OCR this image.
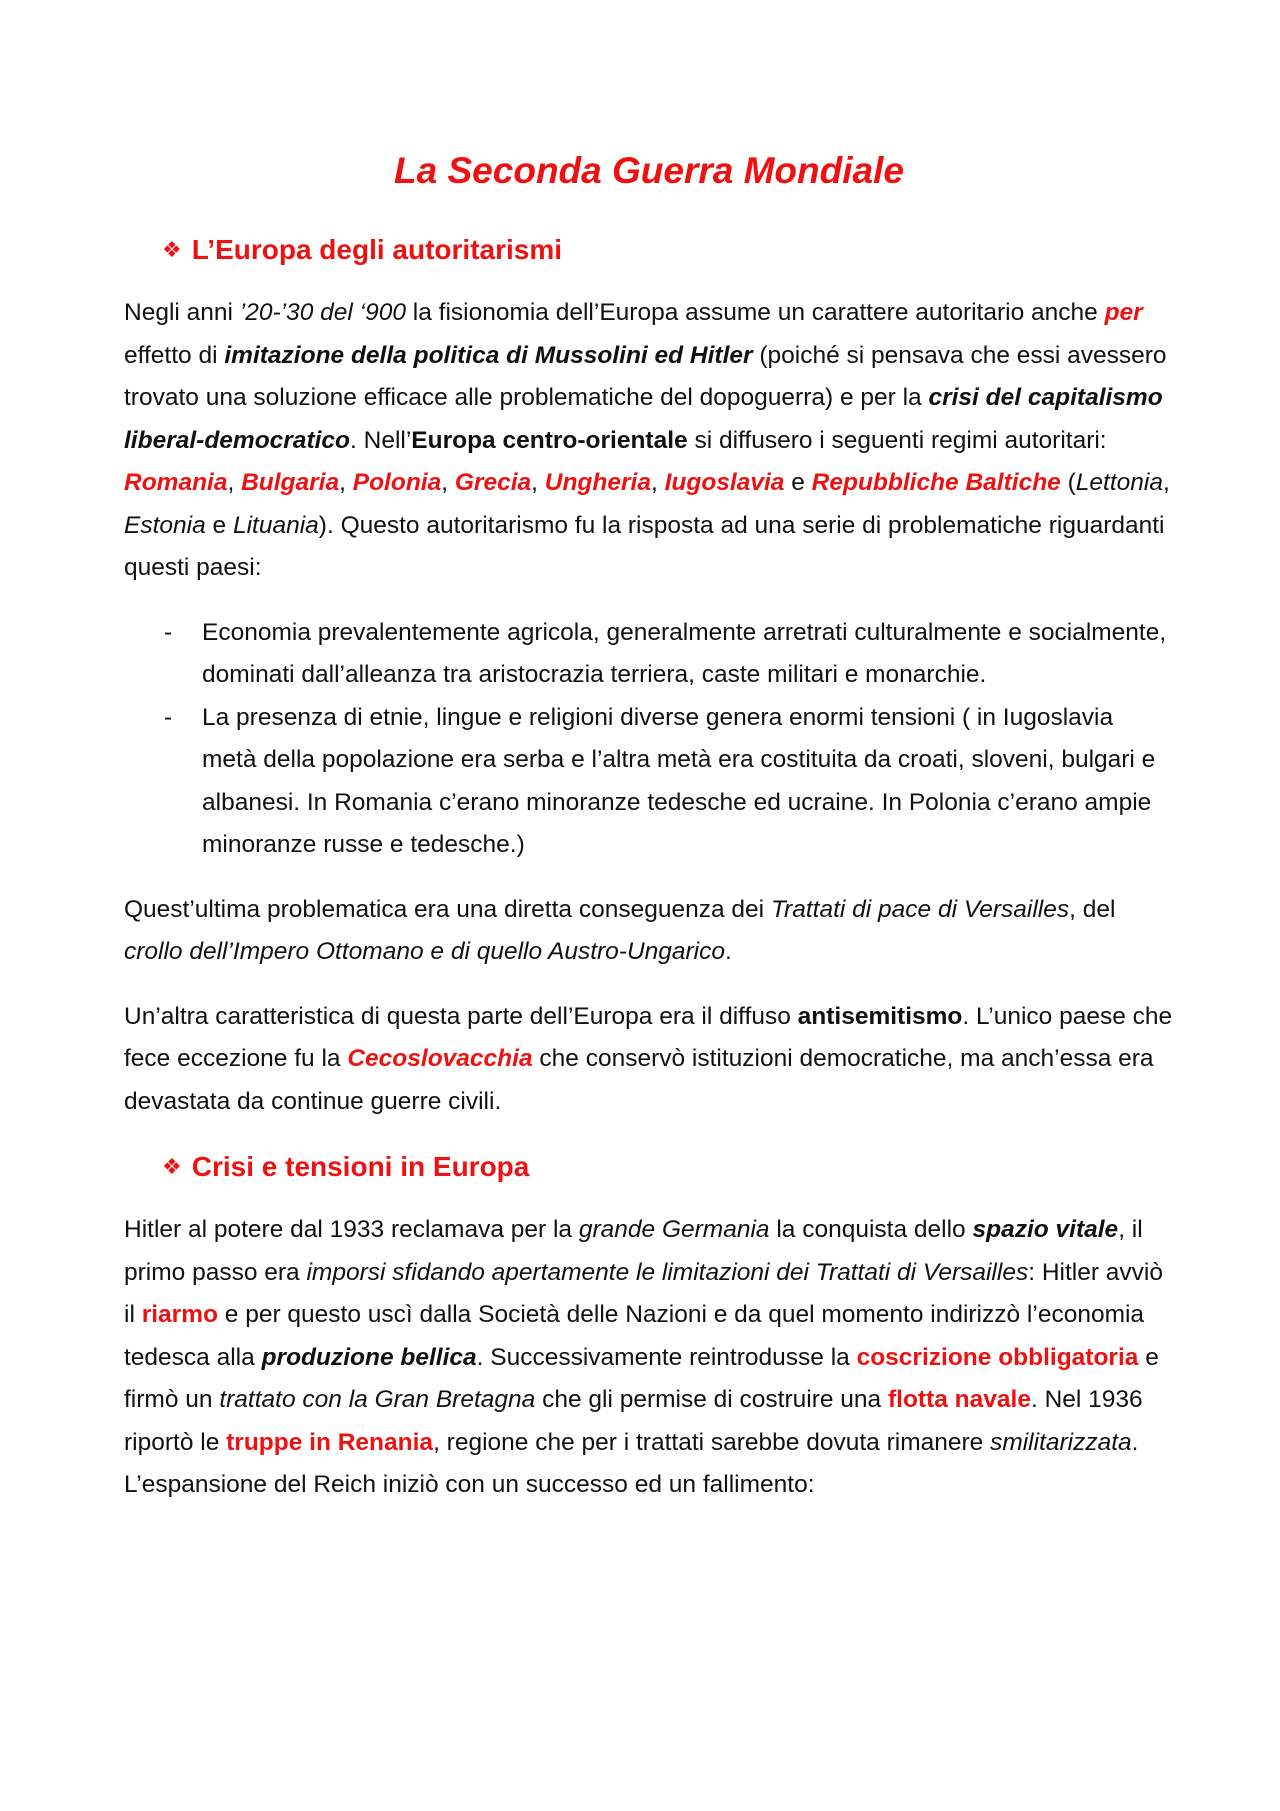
La Seconda Guerra Mondiale
❖ L’Europa degli autoritarismi

Negli anni ’20-’30 del ‘900 la fisionomia dell’Europa assume un carattere autoritario anche per effetto di imitazione della politica di Mussolini ed Hitler (poiché si pensava che essi avessero trovato una soluzione efficace alle problematiche del dopoguerra) e per la crisi del capitalismo liberal-democratico. Nell’Europa centro-orientale si diffusero i seguenti regimi autoritari: Romania, Bulgaria, Polonia, Grecia, Ungheria, Iugoslavia e Repubbliche Baltiche (Lettonia, Estonia e Lituania). Questo autoritarismo fu la risposta ad una serie di problematiche riguardanti questi paesi:

- Economia prevalentemente agricola, generalmente arretrati culturalmente e socialmente, dominati dall’alleanza tra aristocrazia terriera, caste militari e monarchie.
- La presenza di etnie, lingue e religioni diverse genera enormi tensioni ( in Iugoslavia metà della popolazione era serba e l’altra metà era costituita da croati, sloveni, bulgari e albanesi. In Romania c’erano minoranze tedesche ed ucraine. In Polonia c’erano ampie minoranze russe e tedesche.)

Quest’ultima problematica era una diretta conseguenza dei Trattati di pace di Versailles, del crollo dell’Impero Ottomano e di quello Austro-Ungarico.

Un’altra caratteristica di questa parte dell’Europa era il diffuso antisemitismo. L’unico paese che fece eccezione fu la Cecoslovacchia che conservò istituzioni democratiche, ma anch’essa era devastata da continue guerre civili.

❖ Crisi e tensioni in Europa

Hitler al potere dal 1933 reclamava per la grande Germania la conquista dello spazio vitale, il primo passo era imporsi sfidando apertamente le limitazioni dei Trattati di Versailles: Hitler avviò il riarmo e per questo uscì dalla Società delle Nazioni e da quel momento indirizzò l’economia tedesca alla produzione bellica. Successivamente reintrodusse la coscrizione obbligatoria e firmò un trattato con la Gran Bretagna che gli permise di costruire una flotta navale. Nel 1936 riportò le truppe in Renania, regione che per i trattati sarebbe dovuta rimanere smilitarizzata. L’espansione del Reich iniziò con un successo ed un fallimento:
